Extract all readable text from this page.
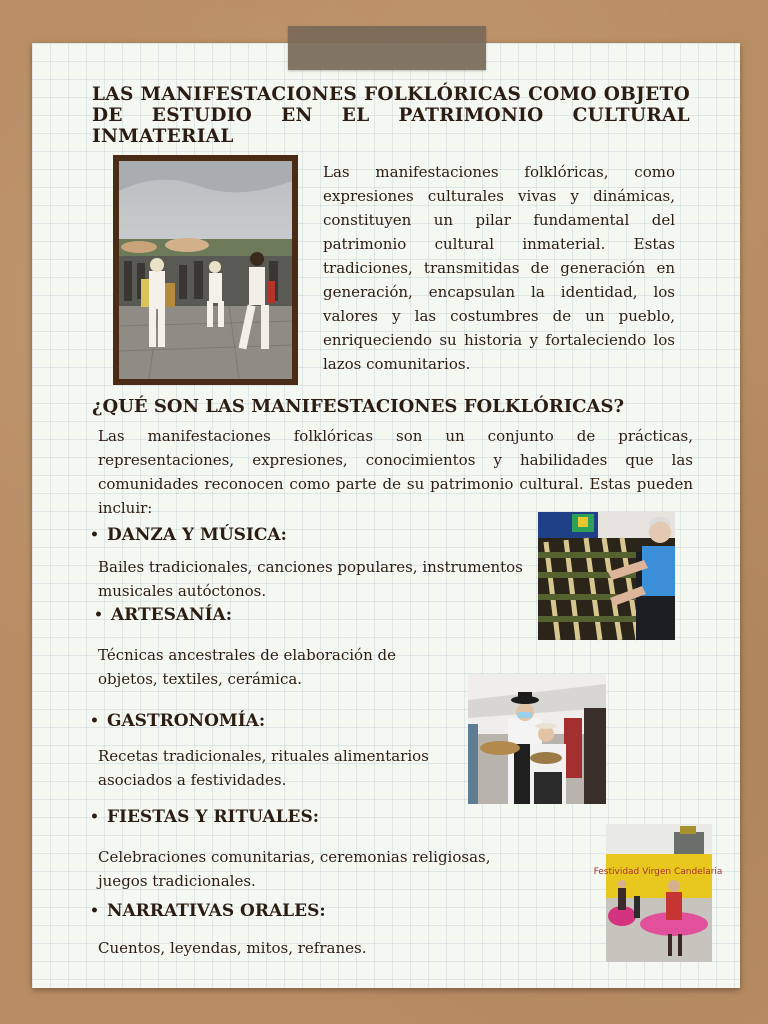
LAS MANIFESTACIONES FOLKLÓRICAS COMO OBJETO DE ESTUDIO EN EL PATRIMONIO CULTURAL INMATERIAL

Las manifestaciones folklóricas, como expresiones culturales vivas y dinámicas, constituyen un pilar fundamental del patrimonio cultural inmaterial. Estas tradiciones, transmitidas de generación en generación, encapsulan la identidad, los valores y las costumbres de un pueblo, enriqueciendo su historia y fortaleciendo los lazos comunitarios.

¿QUÉ SON LAS MANIFESTACIONES FOLKLÓRICAS?

Las manifestaciones folklóricas son un conjunto de prácticas, representaciones, expresiones, conocimientos y habilidades que las comunidades reconocen como parte de su patrimonio cultural. Estas pueden incluir:

• DANZA Y MÚSICA:

Bailes tradicionales, canciones populares, instrumentos musicales autóctonos.

• ARTESANÍA:

Técnicas ancestrales de elaboración de objetos, textiles, cerámica.

• GASTRONOMÍA:

Recetas tradicionales, rituales alimentarios asociados a festividades.

• FIESTAS Y RITUALES:

Celebraciones comunitarias, ceremonias religiosas, juegos tradicionales.

• NARRATIVAS ORALES:

Cuentos, leyendas, mitos, refranes.

Festividad Virgen Candelaria
